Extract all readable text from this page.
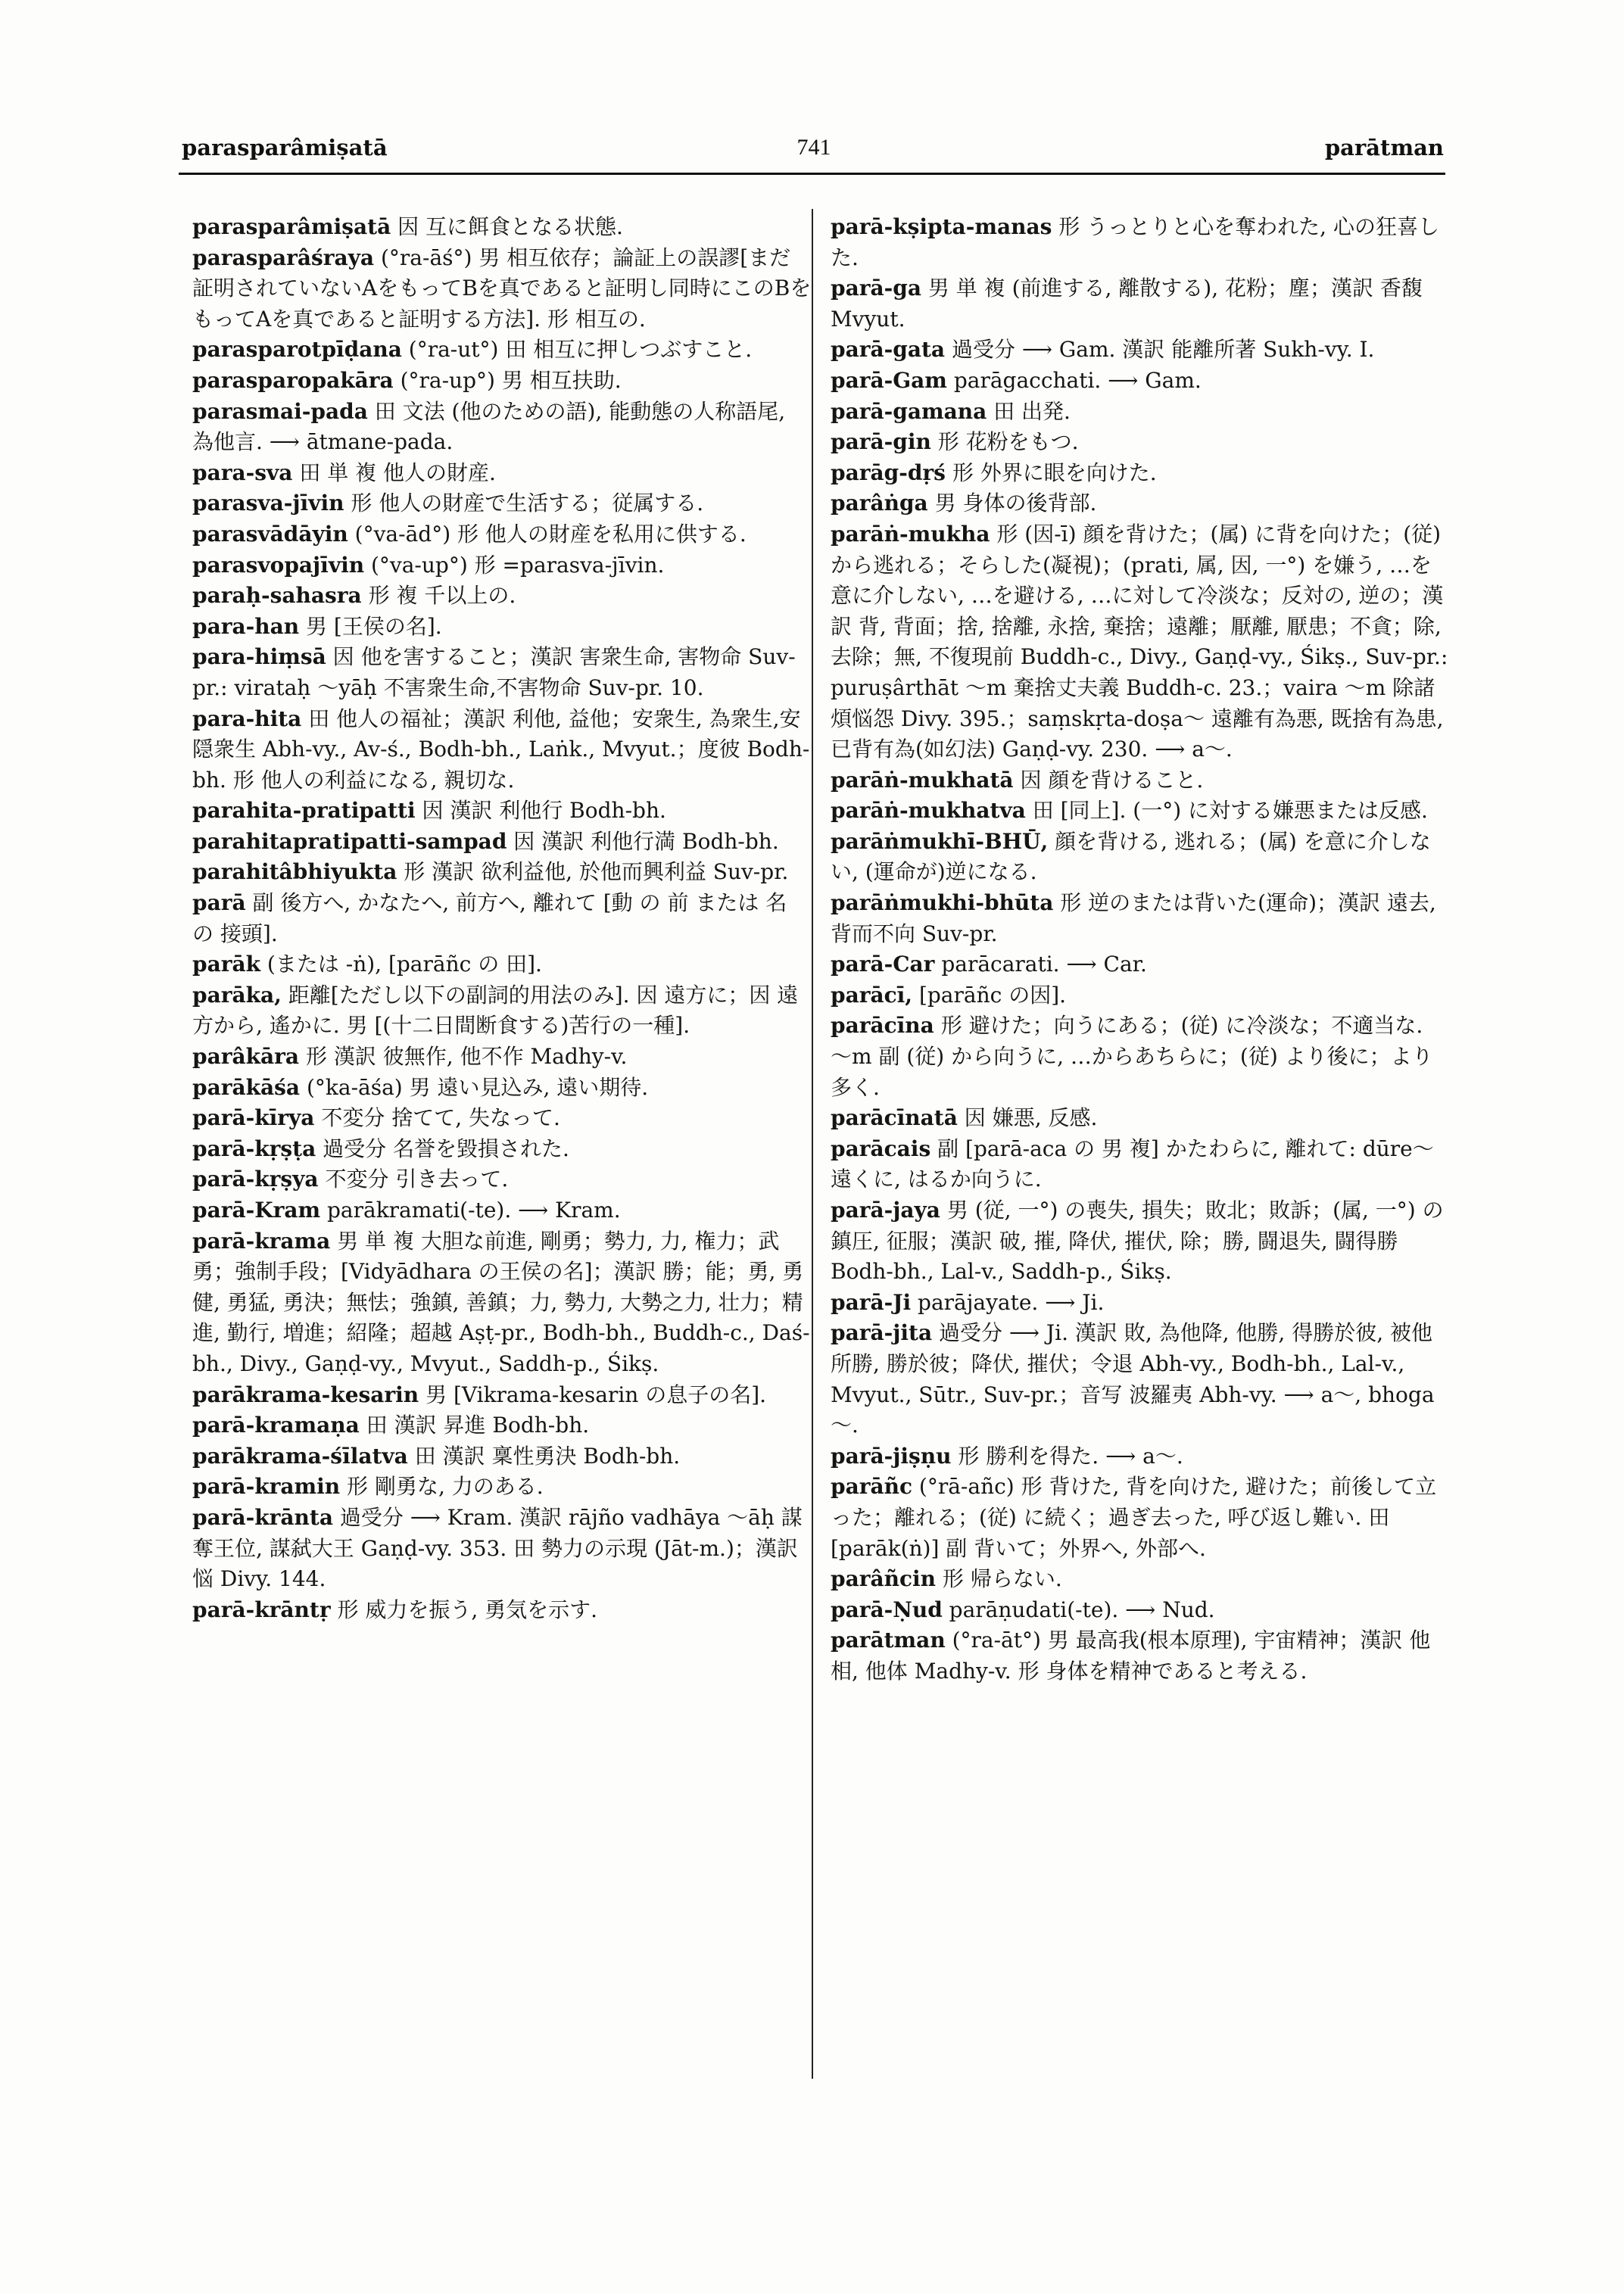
parasparâmiṣatā	741	parātman

parasparâmiṣatā 因 互に餌食となる状態.

parasparâśraya (°ra-āś°) 男 相互依存；論証上の誤謬[まだ証明されていないAをもってBを真であると証明し同時にこのBをもってAを真であると証明する方法]. 形 相互の.

parasparotpīḍana (°ra-ut°) 田 相互に押しつぶすこと.

parasparopakāra (°ra-up°) 男 相互扶助.

parasmai-pada 田 文法 (他のための語), 能動態の人称語尾, 為他言. ⟶ ātmane-pada.

para-sva 田 単 複 他人の財産.

parasva-jīvin 形 他人の財産で生活する；従属する.

parasvādāyin (°va-ād°) 形 他人の財産を私用に供する.

parasvopajīvin (°va-up°) 形 =parasva-jīvin.

paraḥ-sahasra 形 複 千以上の.

para-han 男 [王侯の名].

para-hiṃsā 因 他を害すること；漢訳 害衆生命, 害物命 Suv-pr.: virataḥ ～yāḥ 不害衆生命,不害物命 Suv-pr. 10.

para-hita 田 他人の福祉；漢訳 利他, 益他；安衆生, 為衆生,安隠衆生 Abh-vy., Av-ś., Bodh-bh., Laṅk., Mvyut.；度彼 Bodh-bh. 形 他人の利益になる, 親切な.

parahita-pratipatti 因 漢訳 利他行 Bodh-bh.

parahitapratipatti-sampad 因 漢訳 利他行満 Bodh-bh.

parahitâbhiyukta 形 漢訳 欲利益他, 於他而興利益 Suv-pr.

parā 副 後方へ, かなたへ, 前方へ, 離れて [動 の 前 または 名 の 接頭].

parāk (または -ṅ), [parāñc の 田].

parāka, 距離[ただし以下の副詞的用法のみ]. 因 遠方に；因 遠方から, 遙かに. 男 [(十二日間断食する)苦行の一種].

parâkāra 形 漢訳 彼無作, 他不作 Madhy-v.

parākāśa (°ka-āśa) 男 遠い見込み, 遠い期待.

parā-kīrya 不変分 捨てて, 失なって.

parā-kṛṣṭa 過受分 名誉を毀損された.

parā-kṛṣya 不変分 引き去って.

parā-Kram parākramati(-te). ⟶ Kram.

parā-krama 男 単 複 大胆な前進, 剛勇；勢力, 力, 権力；武勇；強制手段；[Vidyādhara の王侯の名]；漢訳 勝；能；勇, 勇健, 勇猛, 勇決；無怯；強鎮, 善鎮；力, 勢力, 大勢之力, 壮力；精進, 勤行, 増進；紹隆；超越 Aṣṭ-pr., Bodh-bh., Buddh-c., Daś-bh., Divy., Gaṇḍ-vy., Mvyut., Saddh-p., Śikṣ.

parākrama-kesarin 男 [Vikrama-kesarin の息子の名].

parā-kramaṇa 田 漢訳 昇進 Bodh-bh.

parākrama-śīlatva 田 漢訳 稟性勇決 Bodh-bh.

parā-kramin 形 剛勇な, 力のある.

parā-krānta 過受分 ⟶ Kram. 漢訳 rājño vadhāya ～āḥ 謀奪王位, 謀弑大王 Gaṇḍ-vy. 353. 田 勢力の示現 (Jāt-m.)；漢訳 悩 Divy. 144.

parā-krāntṛ 形 威力を振う, 勇気を示す.

parā-kṣipta-manas 形 うっとりと心を奪われた, 心の狂喜した.

parā-ga 男 単 複 (前進する, 離散する), 花粉；塵；漢訳 香馥 Mvyut.

parā-gata 過受分 ⟶ Gam. 漢訳 能離所著 Sukh-vy. I.

parā-Gam parāgacchati. ⟶ Gam.

parā-gamana 田 出発.

parā-gin 形 花粉をもつ.

parāg-dṛś 形 外界に眼を向けた.

parâṅga 男 身体の後背部.

parāṅ-mukha 形 (因-ī) 顔を背けた；(属) に背を向けた；(従) から逃れる；そらした(凝視)；(prati, 属, 因, 一°) を嫌う, …を意に介しない, …を避ける, …に対して冷淡な；反対の, 逆の；漢訳 背, 背面；捨, 捨離, 永捨, 棄捨；遠離；厭離, 厭患；不貪；除, 去除；無, 不復現前 Buddh-c., Divy., Gaṇḍ-vy., Śikṣ., Suv-pr.: puruṣârthāt ～m 棄捨丈夫義 Buddh-c. 23.；vaira ～m 除諸煩悩怨 Divy. 395.；saṃskṛta-doṣa～ 遠離有為悪, 既捨有為患, 已背有為(如幻法) Gaṇḍ-vy. 230. ⟶ a～.

parāṅ-mukhatā 因 顔を背けること.

parāṅ-mukhatva 田 [同上]. (一°) に対する嫌悪または反感.

parāṅmukhī-BHŪ, 顔を背ける, 逃れる；(属) を意に介しない, (運命が)逆になる.

parāṅmukhi-bhūta 形 逆のまたは背いた(運命)；漢訳 遠去, 背而不向 Suv-pr.

parā-Car parācarati. ⟶ Car.

parācī, [parāñc の因].

parācīna 形 避けた；向うにある；(従) に冷淡な；不適当な. ～m 副 (従) から向うに, …からあちらに；(従) より後に；より多く.

parācīnatā 因 嫌悪, 反感.

parācais 副 [parā-aca の 男 複] かたわらに, 離れて: dūre～ 遠くに, はるか向うに.

parā-jaya 男 (従, 一°) の喪失, 損失；敗北；敗訴；(属, 一°) の鎮圧, 征服；漢訳 破, 摧, 降伏, 摧伏, 除；勝, 闘退失, 闘得勝 Bodh-bh., Lal-v., Saddh-p., Śikṣ.

parā-Ji parājayate. ⟶ Ji.

parā-jita 過受分 ⟶ Ji. 漢訳 敗, 為他降, 他勝, 得勝於彼, 被他所勝, 勝於彼；降伏, 摧伏；令退 Abh-vy., Bodh-bh., Lal-v., Mvyut., Sūtr., Suv-pr.；音写 波羅夷 Abh-vy. ⟶ a～, bhoga～.

parā-jiṣṇu 形 勝利を得た. ⟶ a～.

parāñc (°rā-añc) 形 背けた, 背を向けた, 避けた；前後して立った；離れる；(従) に続く；過ぎ去った, 呼び返し難い. 田 [parāk(ṅ)] 副 背いて；外界へ, 外部へ.

parâñcin 形 帰らない.

parā-Ṇud parāṇudati(-te). ⟶ Nud.

parātman (°ra-āt°) 男 最高我(根本原理), 宇宙精神；漢訳 他相, 他体 Madhy-v. 形 身体を精神であると考える.
